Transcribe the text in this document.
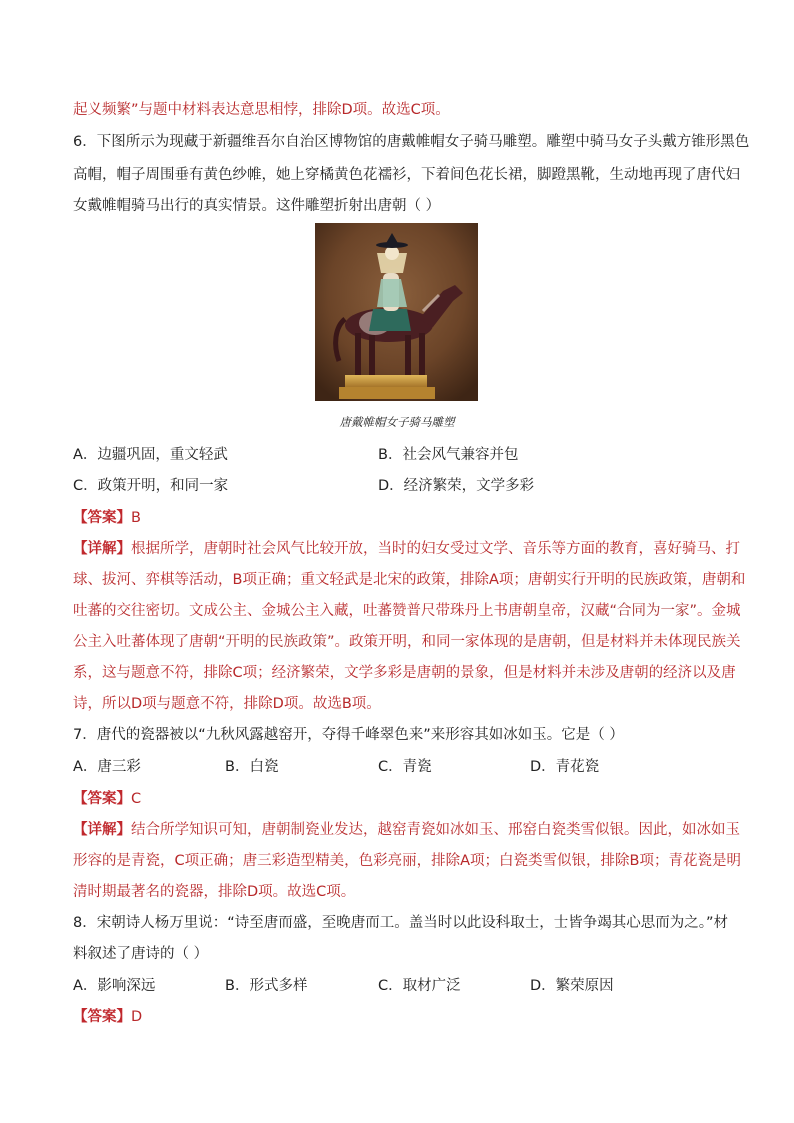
起义频繁”与题中材料表达意思相悖，排除D项。故选C项。
6．下图所示为现藏于新疆维吾尔自治区博物馆的唐戴帷帽女子骑马雕塑。雕塑中骑马女子头戴方锥形黑色
高帽，帽子周围垂有黄色纱帷，她上穿橘黄色花襦衫，下着间色花长裙，脚蹬黑靴，生动地再现了唐代妇
女戴帷帽骑马出行的真实情景。这件雕塑折射出唐朝（ ）
唐戴帷帽女子骑马雕塑
A．边疆巩固，重文轻武	B．社会风气兼容并包
C．政策开明，和同一家	D．经济繁荣，文学多彩
【答案】B
【详解】根据所学，唐朝时社会风气比较开放，当时的妇女受过文学、音乐等方面的教育，喜好骑马、打
球、拔河、弈棋等活动，B项正确；重文轻武是北宋的政策，排除A项；唐朝实行开明的民族政策，唐朝和
吐蕃的交往密切。文成公主、金城公主入藏，吐蕃赞普尺带珠丹上书唐朝皇帝，汉藏“合同为一家”。金城
公主入吐蕃体现了唐朝“开明的民族政策”。政策开明，和同一家体现的是唐朝，但是材料并未体现民族关
系，这与题意不符，排除C项；经济繁荣，文学多彩是唐朝的景象，但是材料并未涉及唐朝的经济以及唐
诗，所以D项与题意不符，排除D项。故选B项。
7．唐代的瓷器被以“九秋风露越窑开，夺得千峰翠色来”来形容其如冰如玉。它是（ ）
A．唐三彩	B．白瓷	C．青瓷	D．青花瓷
【答案】C
【详解】结合所学知识可知，唐朝制瓷业发达，越窑青瓷如冰如玉、邢窑白瓷类雪似银。因此，如冰如玉
形容的是青瓷，C项正确；唐三彩造型精美，色彩亮丽，排除A项；白瓷类雪似银，排除B项；青花瓷是明
清时期最著名的瓷器，排除D项。故选C项。
8．宋朝诗人杨万里说：“诗至唐而盛，至晚唐而工。盖当时以此设科取士，士皆争竭其心思而为之。”材
料叙述了唐诗的（ ）
A．影响深远	B．形式多样	C．取材广泛	D．繁荣原因
【答案】D
